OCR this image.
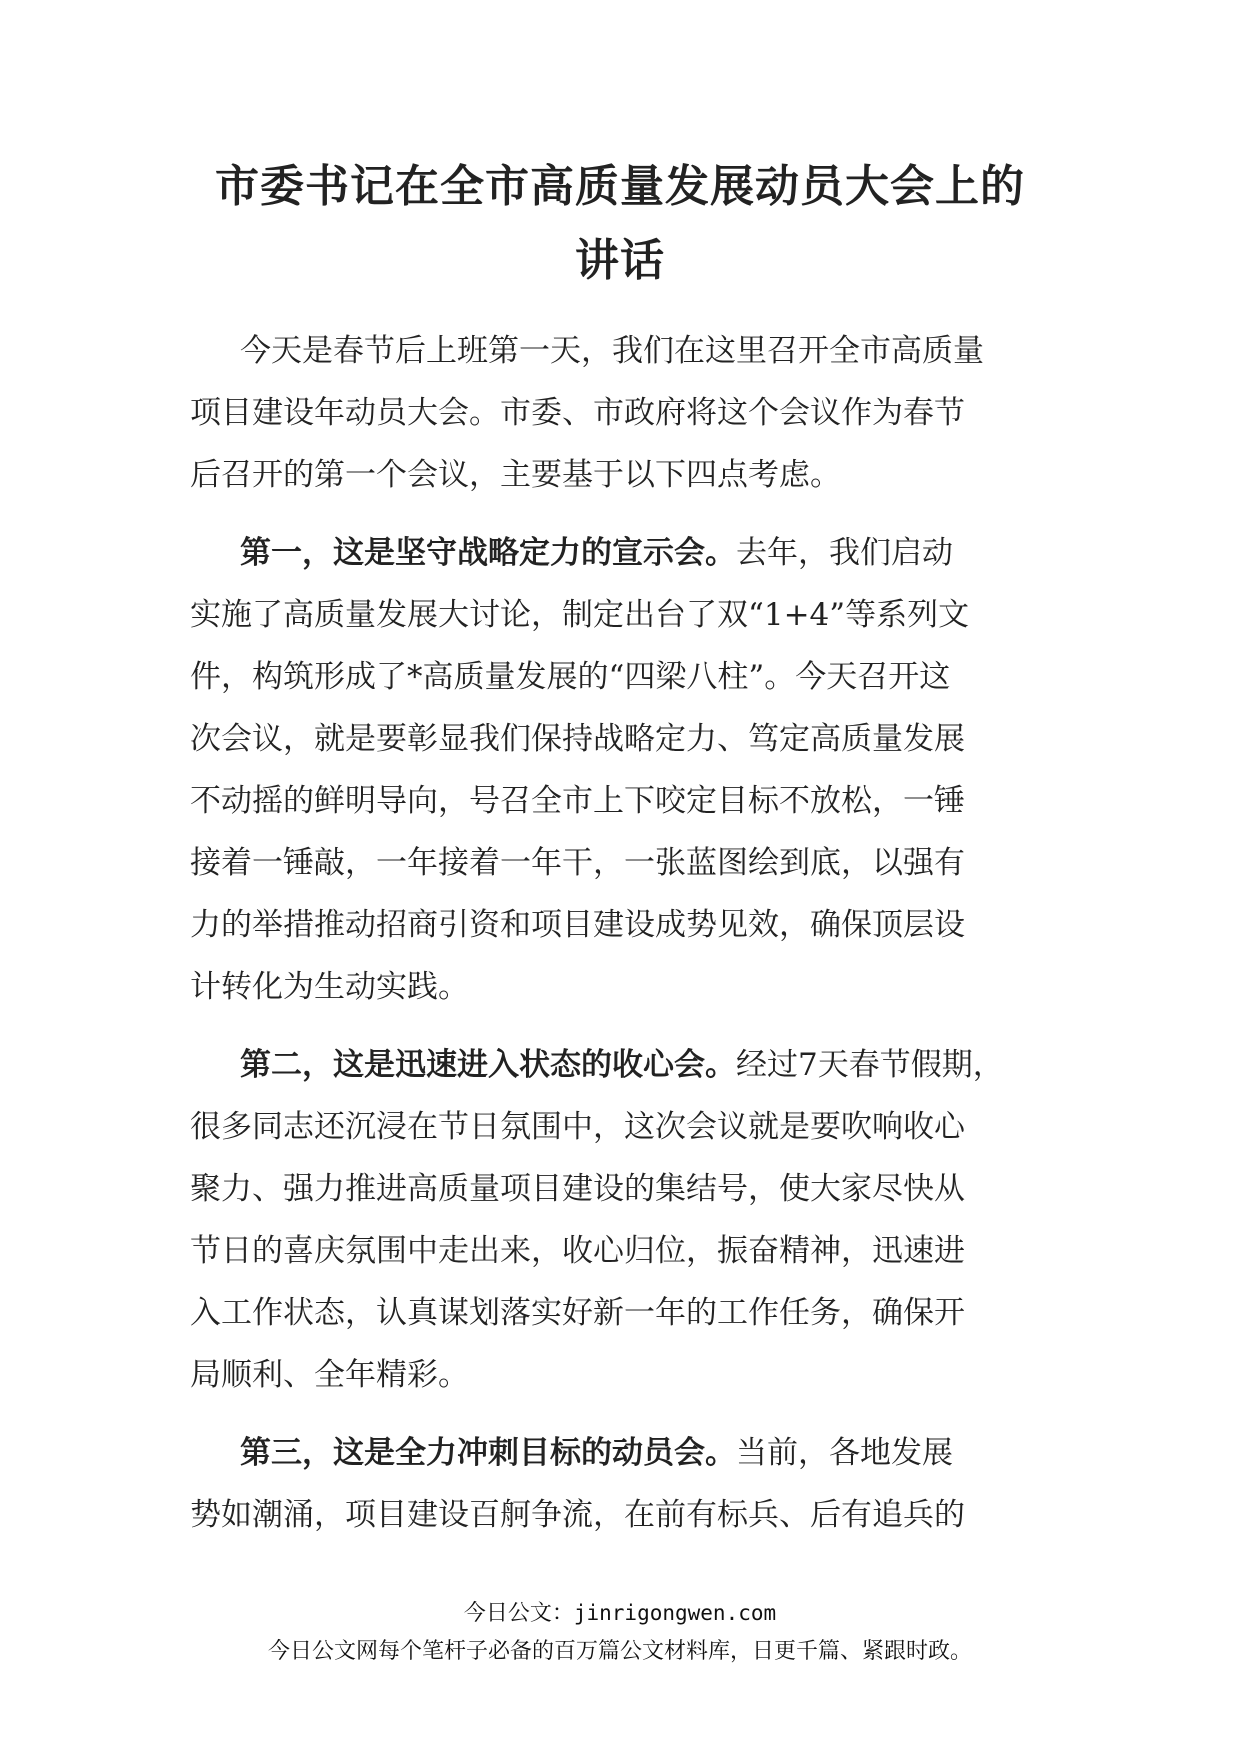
市委书记在全市高质量发展动员大会上的
讲话
今天是春节后上班第一天，我们在这里召开全市高质量
项目建设年动员大会。市委、市政府将这个会议作为春节
后召开的第一个会议，主要基于以下四点考虑。
第一，这是坚守战略定力的宣示会。去年，我们启动
实施了高质量发展大讨论，制定出台了双“1+4”等系列文
件，构筑形成了*高质量发展的“四梁八柱”。今天召开这
次会议，就是要彰显我们保持战略定力、笃定高质量发展
不动摇的鲜明导向，号召全市上下咬定目标不放松，一锤
接着一锤敲，一年接着一年干，一张蓝图绘到底，以强有
力的举措推动招商引资和项目建设成势见效，确保顶层设
计转化为生动实践。
第二，这是迅速进入状态的收心会。经过7天春节假期，
很多同志还沉浸在节日氛围中，这次会议就是要吹响收心
聚力、强力推进高质量项目建设的集结号，使大家尽快从
节日的喜庆氛围中走出来，收心归位，振奋精神，迅速进
入工作状态，认真谋划落实好新一年的工作任务，确保开
局顺利、全年精彩。
第三，这是全力冲刺目标的动员会。当前，各地发展
势如潮涌，项目建设百舸争流，在前有标兵、后有追兵的
今日公文：jinrigongwen.com
今日公文网每个笔杆子必备的百万篇公文材料库，日更千篇、紧跟时政。
